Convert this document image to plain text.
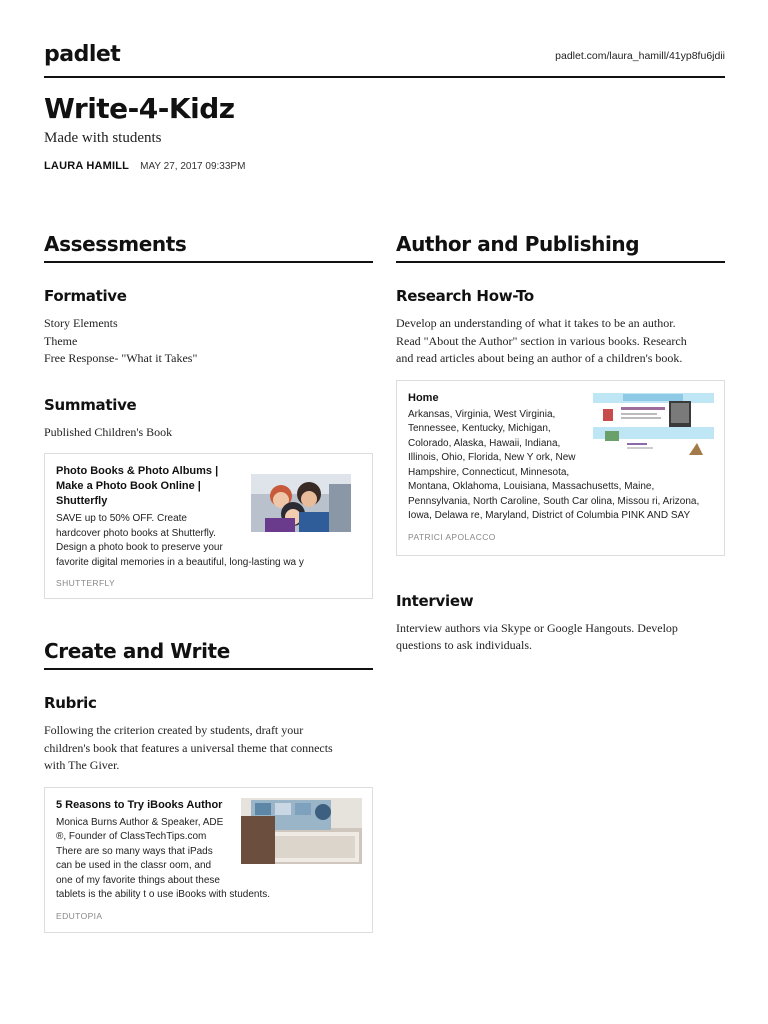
padlet	padlet.com/laura_hamill/41yp8fu6jdii
Write-4-Kidz
Made with students
LAURA HAMILL MAY 27, 2017 09:33PM
Assessments
Formative
Story Elements
Theme
Free Response- "What it Takes"
Summative
Published Children's Book
Photo Books & Photo Albums |
Make a Photo Book Online |
Shutterfly
SAVE up to 50% OFF. Create
hardcover photo books at Shutterfly.
Design a photo book to preserve your
favorite digital memories in a beautiful, long-lasting wa y
SHUTTERFLY
Create and Write
Rubric
Following the criterion created by students, draft your
children's book that features a universal theme that connects
with The Giver.
5 Reasons to Try iBooks Author
Monica Burns Author & Speaker, ADE
®, Founder of ClassTechTips.com
There are so many ways that iPads
can be used in the classr oom, and
one of my favorite things about these
tablets is the ability t o use iBooks with students.
EDUTOPIA
Author and Publishing
Research How-To
Develop an understanding of what it takes to be an author.
Read "About the Author" section in various books. Research
and read articles about being an author of a children's book.
Home
Arkansas, Virginia, West Virginia,
Tennessee, Kentucky, Michigan,
Colorado, Alaska, Hawaii, Indiana,
Illinois, Ohio, Florida, New Y ork, New
Hampshire, Connecticut, Minnesota,
Montana, Oklahoma, Louisiana, Massachusetts, Maine,
Pennsylvania, North Caroline, South Car olina, Missou ri, Arizona,
Iowa, Delawa re, Maryland, District of Columbia PINK AND SAY
PATRICI APOLACCO
Interview
Interview authors via Skype or Google Hangouts. Develop
questions to ask individuals.
